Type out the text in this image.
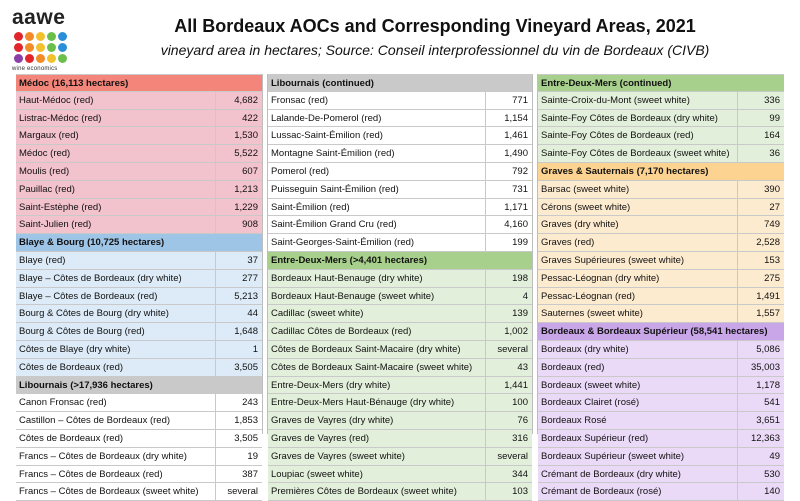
aawe
wine economics
All Bordeaux AOCs and Corresponding Vineyard Areas, 2021
vineyard area in hectares; Source: Conseil interprofessionnel du vin de Bordeaux (CIVB)
Médoc (16,113 hectares)
Haut-Médoc (red)	4,682
Listrac-Médoc (red)	422
Margaux (red)	1,530
Médoc (red)	5,522
Moulis (red)	607
Pauillac (red)	1,213
Saint-Estèphe (red)	1,229
Saint-Julien (red)	908
Blaye & Bourg (10,725 hectares)
Blaye (red)	37
Blaye – Côtes de Bordeaux (dry white)	277
Blaye – Côtes de Bordeaux (red)	5,213
Bourg & Côtes de Bourg (dry white)	44
Bourg & Côtes de Bourg (red)	1,648
Côtes de Blaye (dry white)	1
Côtes de Bordeaux (red)	3,505
Libournais (>17,936 hectares)
Canon Fronsac (red)	243
Castillon – Côtes de Bordeaux (red)	1,853
Côtes de Bordeaux (red)	3,505
Francs – Côtes de Bordeaux (dry white)	19
Francs – Côtes de Bordeaux (red)	387
Francs – Côtes de Bordeaux (sweet white)	several
Libournais (continued)
Fronsac (red)	771
Lalande-De-Pomerol (red)	1,154
Lussac-Saint-Émilion (red)	1,461
Montagne Saint-Émilion (red)	1,490
Pomerol (red)	792
Puisseguin Saint-Émilion (red)	731
Saint-Émilion (red)	1,171
Saint-Émilion Grand Cru (red)	4,160
Saint-Georges-Saint-Émilion (red)	199
Entre-Deux-Mers (>4,401 hectares)
Bordeaux Haut-Benauge (dry white)	198
Bordeaux Haut-Benauge (sweet white)	4
Cadillac (sweet white)	139
Cadillac Côtes de Bordeaux (red)	1,002
Côtes de Bordeaux Saint-Macaire (dry white)	several
Côtes de Bordeaux Saint-Macaire (sweet white)	43
Entre-Deux-Mers (dry white)	1,441
Entre-Deux-Mers Haut-Bénauge (dry white)	100
Graves de Vayres (dry white)	76
Graves de Vayres (red)	316
Graves de Vayres (sweet white)	several
Loupiac (sweet white)	344
Premières Côtes de Bordeaux (sweet white)	103
Entre-Deux-Mers (continued)
Sainte-Croix-du-Mont (sweet white)	336
Sainte-Foy Côtes de Bordeaux (dry white)	99
Sainte-Foy Côtes de Bordeaux (red)	164
Sainte-Foy Côtes de Bordeaux (sweet white)	36
Graves & Sauternais (7,170 hectares)
Barsac (sweet white)	390
Cérons (sweet white)	27
Graves (dry white)	749
Graves (red)	2,528
Graves Supérieures (sweet white)	153
Pessac-Léognan (dry white)	275
Pessac-Léognan (red)	1,491
Sauternes (sweet white)	1,557
Bordeaux & Bordeaux Supérieur (58,541 hectares)
Bordeaux (dry white)	5,086
Bordeaux (red)	35,003
Bordeaux (sweet white)	1,178
Bordeaux Clairet (rosé)	541
Bordeaux Rosé	3,651
Bordeaux Supérieur (red)	12,363
Bordeaux Supérieur (sweet white)	49
Crémant de Bordeaux (dry white)	530
Crémant de Bordeaux (rosé)	140
